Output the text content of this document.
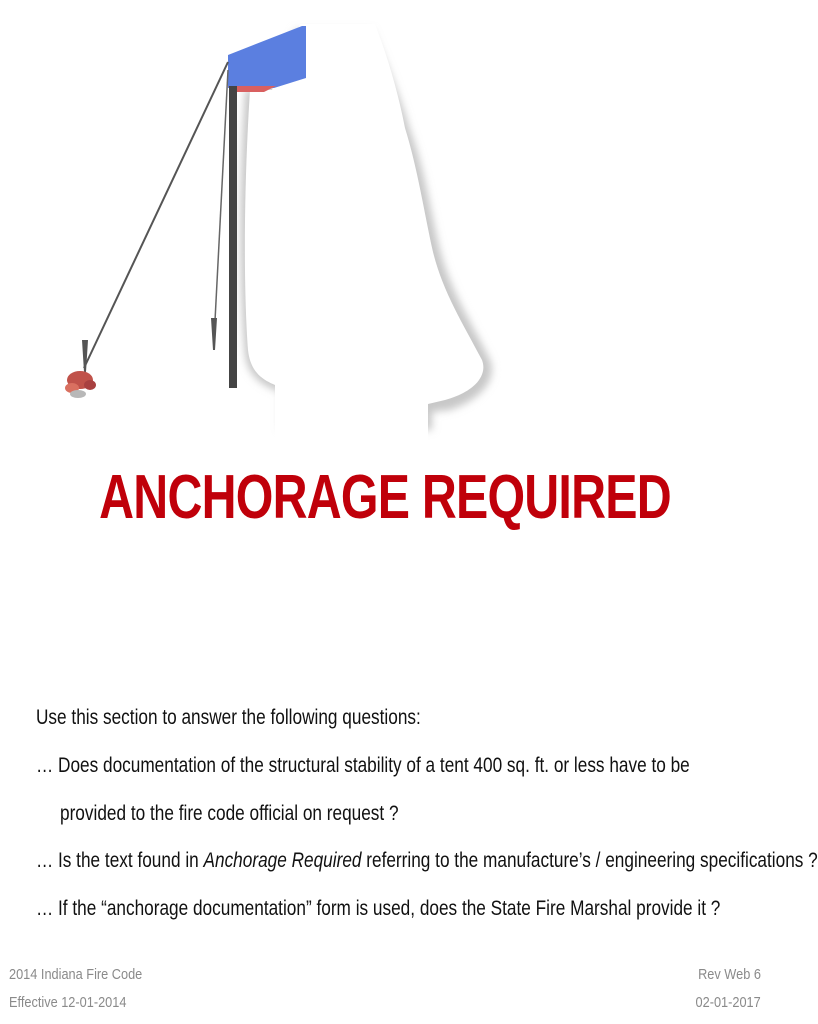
ANCHORAGE REQUIRED
Use this section to answer the following questions:
… Does documentation of the structural stability of a tent 400 sq. ft. or less have to be
provided to the fire code official on request ?
… Is the text found in Anchorage Required referring to the manufacture’s / engineering specifications ?
… If the “anchorage documentation” form is used, does the State Fire Marshal provide it ?
2014 Indiana Fire Code
Effective 12-01-2014
Rev Web 6
02-01-2017
